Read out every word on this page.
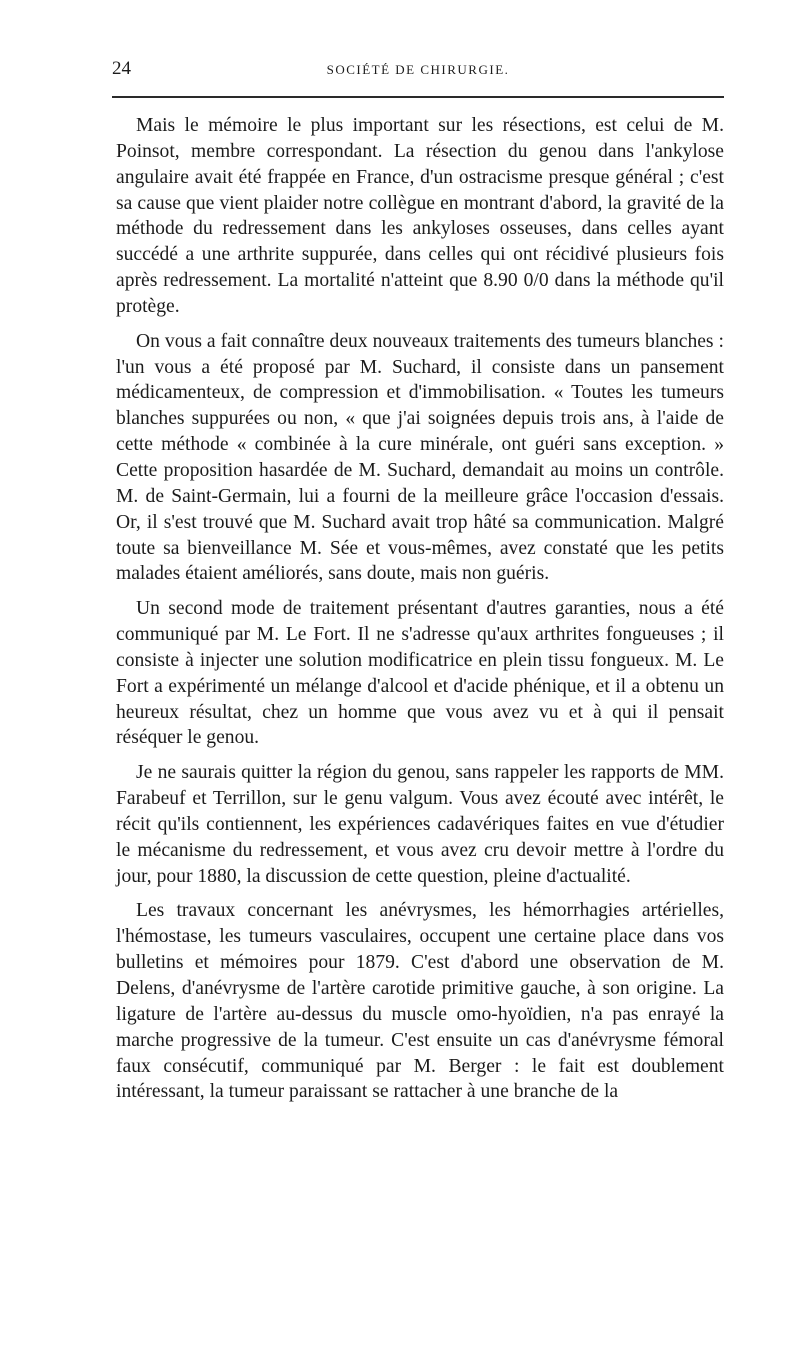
24	SOCIÉTÉ DE CHIRURGIE.

Mais le mémoire le plus important sur les résections, est celui de M. Poinsot, membre correspondant. La résection du genou dans l'ankylose angulaire avait été frappée en France, d'un ostracisme presque général ; c'est sa cause que vient plaider notre collègue en montrant d'abord, la gravité de la méthode du redressement dans les ankyloses osseuses, dans celles ayant succédé a une arthrite suppurée, dans celles qui ont récidivé plusieurs fois après redressement. La mortalité n'atteint que 8.90 0/0 dans la méthode qu'il protège.

On vous a fait connaître deux nouveaux traitements des tumeurs blanches : l'un vous a été proposé par M. Suchard, il consiste dans un pansement médicamenteux, de compression et d'immobilisation. « Toutes les tumeurs blanches suppurées ou non, « que j'ai soignées depuis trois ans, à l'aide de cette méthode « combinée à la cure minérale, ont guéri sans exception. » Cette proposition hasardée de M. Suchard, demandait au moins un contrôle. M. de Saint-Germain, lui a fourni de la meilleure grâce l'occasion d'essais. Or, il s'est trouvé que M. Suchard avait trop hâté sa communication. Malgré toute sa bienveillance M. Sée et vous-mêmes, avez constaté que les petits malades étaient améliorés, sans doute, mais non guéris.

Un second mode de traitement présentant d'autres garanties, nous a été communiqué par M. Le Fort. Il ne s'adresse qu'aux arthrites fongueuses ; il consiste à injecter une solution modificatrice en plein tissu fongueux. M. Le Fort a expérimenté un mélange d'alcool et d'acide phénique, et il a obtenu un heureux résultat, chez un homme que vous avez vu et à qui il pensait réséquer le genou.

Je ne saurais quitter la région du genou, sans rappeler les rapports de MM. Farabeuf et Terrillon, sur le genu valgum. Vous avez écouté avec intérêt, le récit qu'ils contiennent, les expériences cadavériques faites en vue d'étudier le mécanisme du redressement, et vous avez cru devoir mettre à l'ordre du jour, pour 1880, la discussion de cette question, pleine d'actualité.

Les travaux concernant les anévrysmes, les hémorrhagies artérielles, l'hémostase, les tumeurs vasculaires, occupent une certaine place dans vos bulletins et mémoires pour 1879. C'est d'abord une observation de M. Delens, d'anévrysme de l'artère carotide primitive gauche, à son origine. La ligature de l'artère au-dessus du muscle omo-hyoïdien, n'a pas enrayé la marche progressive de la tumeur. C'est ensuite un cas d'anévrysme fémoral faux consécutif, communiqué par M. Berger : le fait est doublement intéressant, la tumeur paraissant se rattacher à une branche de la
